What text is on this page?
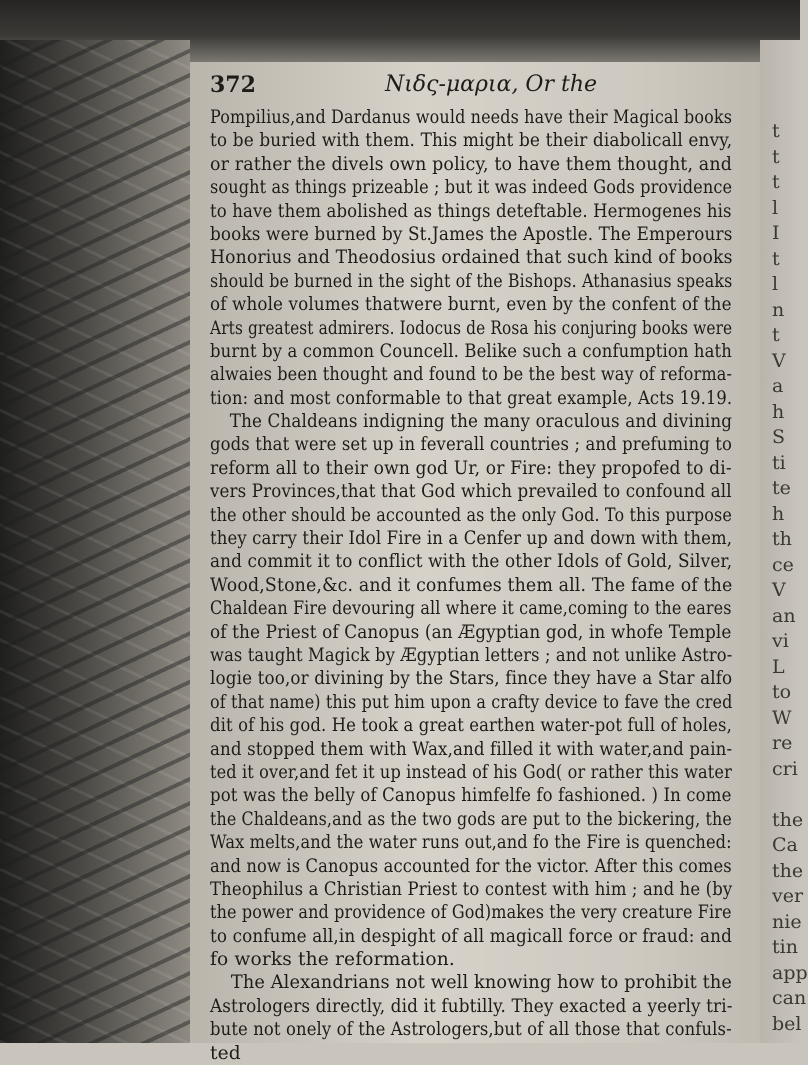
t
t
t
l
I
t
l
n
t
V
a
h
S
ti
te
h
th
ce
V
an
vi
L
to
W
re
cri
the
Ca
the
ver
nie
tin
app
can
bel
372	Nιδς-μαρια, Or the
Pompilius,and Dardanus would needs have their Magical books
to be buried with them. This might be their diabolicall envy,
or rather the divels own policy, to have them thought, and
sought as things prizeable ; but it was indeed Gods providence
to have them abolished as things deteftable. Hermogenes his
books were burned by St.James the Apostle. The Emperours
Honorius and Theodosius ordained that such kind of books
should be burned in the sight of the Bishops. Athanasius speaks
of whole volumes thatwere burnt, even by the confent of the
Arts greatest admirers. Iodocus de Rosa his conjuring books were
burnt by a common Councell. Belike such a confumption hath
alwaies been thought and found to be the best way of reforma-
tion: and most conformable to that great example, Acts 19.19.
The Chaldeans indigning the many oraculous and divining
gods that were set up in feverall countries ; and prefuming to
reform all to their own god Ur, or Fire: they propofed to di-
vers Provinces,that that God which prevailed to confound all
the other should be accounted as the only God. To this purpose
they carry their Idol Fire in a Cenfer up and down with them,
and commit it to conflict with the other Idols of Gold, Silver,
Wood,Stone,&c. and it confumes them all. The fame of the
Chaldean Fire devouring all where it came,coming to the eares
of the Priest of Canopus (an Ægyptian god, in whofe Temple
was taught Magick by Ægyptian letters ; and not unlike Astro-
logie too,or divining by the Stars, fince they have a Star alfo
of that name) this put him upon a crafty device to fave the cred
dit of his god. He took a great earthen water-pot full of holes,
and stopped them with Wax,and filled it with water,and pain-
ted it over,and fet it up instead of his God( or rather this water
pot was the belly of Canopus himfelfe fo fashioned. ) In come
the Chaldeans,and as the two gods are put to the bickering, the
Wax melts,and the water runs out,and fo the Fire is quenched:
and now is Canopus accounted for the victor. After this comes
Theophilus a Christian Priest to contest with him ; and he (by
the power and providence of God)makes the very creature Fire
to confume all,in despight of all magicall force or fraud: and
fo works the reformation.
The Alexandrians not well knowing how to prohibit the
Astrologers directly, did it fubtilly. They exacted a yeerly tri-
bute not onely of the Astrologers,but of all those that confuls-
ted
